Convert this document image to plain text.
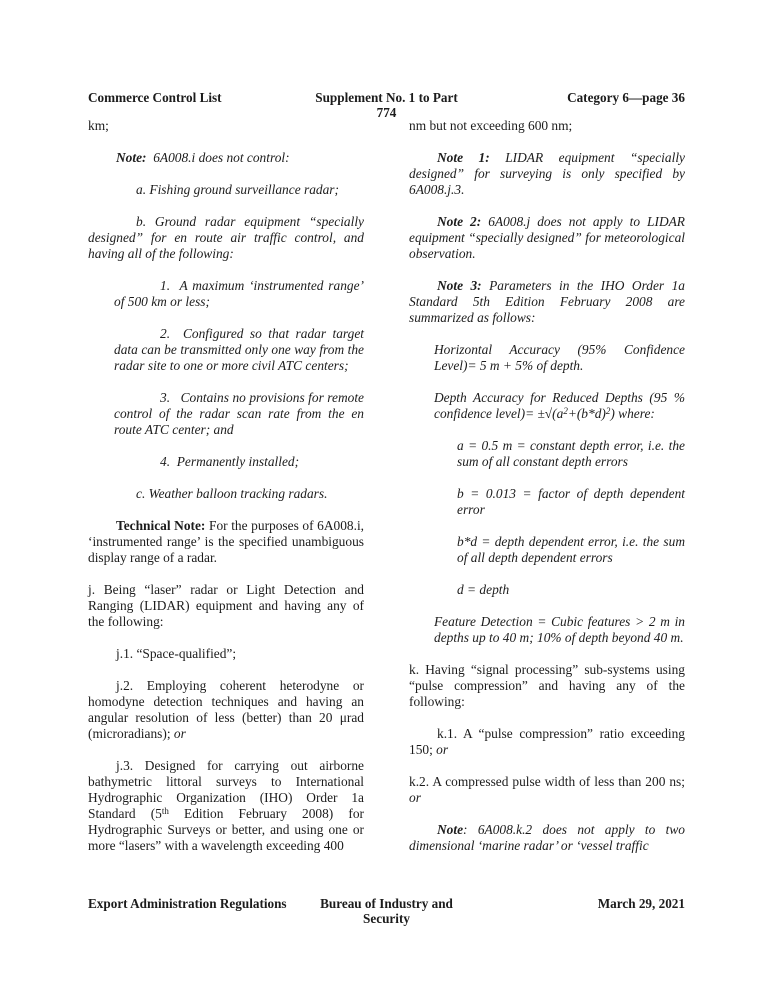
Commerce Control List	Supplement No. 1 to Part 774
Category 6—page 36

km;

Note:  6A008.i does not control:

a. Fishing ground surveillance radar;

b. Ground radar equipment “specially designed” for en route air traffic control, and having all of the following:

1.  A maximum ‘instrumented range’ of 500 km or less;

2.  Configured so that radar target data can be transmitted only one way from the radar site to one or more civil ATC centers;

3.   Contains no provisions for remote control of the radar scan rate from the en route ATC center; and

4.  Permanently installed;

c. Weather balloon tracking radars.

Technical Note: For the purposes of 6A008.i, ‘instrumented range’ is the specified unambiguous display range of a radar.

j. Being “laser” radar or Light Detection and Ranging (LIDAR) equipment and having any of the following:

j.1. “Space-qualified”;

j.2. Employing coherent heterodyne or homodyne detection techniques and having an angular resolution of less (better) than 20 μrad (microradians); or

j.3. Designed for carrying out airborne bathymetric littoral surveys to International Hydrographic Organization (IHO) Order 1a Standard (5th Edition February 2008) for Hydrographic Surveys or better, and using one or more “lasers” with a wavelength exceeding 400

nm but not exceeding 600 nm;

Note 1: LIDAR equipment “specially designed” for surveying is only specified by 6A008.j.3.

Note 2: 6A008.j does not apply to LIDAR equipment “specially designed” for meteorological observation.

Note 3: Parameters in the IHO Order 1a Standard 5th Edition February 2008 are summarized as follows:

Horizontal Accuracy (95% Confidence Level)= 5 m + 5% of depth.

Depth Accuracy for Reduced Depths (95 % confidence level)= $\pm√(a^2+(b*d)^2)$ where:

a = 0.5 m = constant depth error, i.e. the sum of all constant depth errors

b = 0.013 = factor of depth dependent error

b*d = depth dependent error, i.e. the sum of all depth dependent errors

d = depth

Feature Detection = Cubic features > 2 m in depths up to 40 m; 10% of depth beyond 40 m.

k. Having “signal processing” sub-systems using “pulse compression” and having any of the following:

k.1. A “pulse compression” ratio exceeding 150; or

k.2. A compressed pulse width of less than 200 ns; or

Note: 6A008.k.2 does not apply to two dimensional ‘marine radar’ or ‘vessel traffic

Export Administration Regulations	Bureau of Industry and Security
March 29, 2021
